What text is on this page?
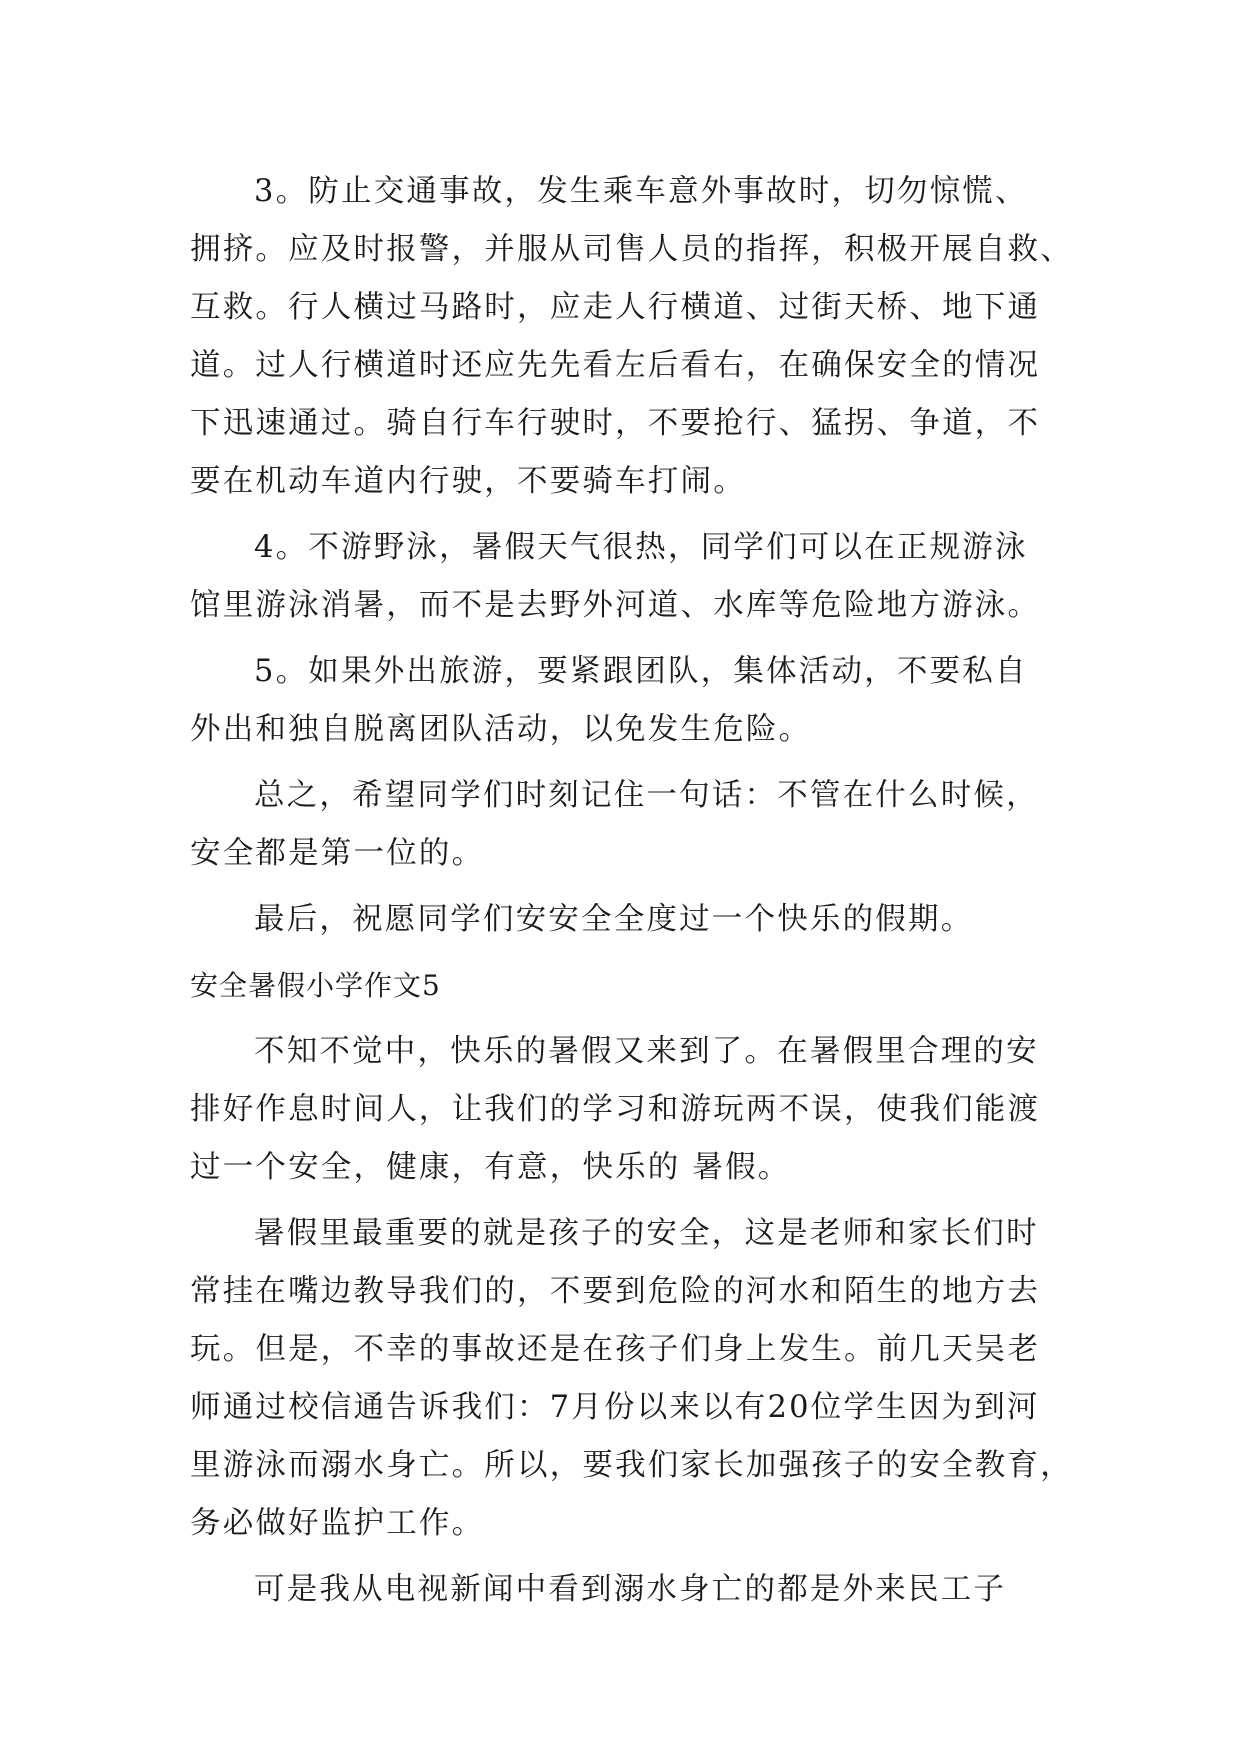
3。防止交通事故，发生乘车意外事故时，切勿惊慌、
拥挤。应及时报警，并服从司售人员的指挥，积极开展自救、
互救。行人横过马路时，应走人行横道、过街天桥、地下通
道。过人行横道时还应先先看左后看右，在确保安全的情况
下迅速通过。骑自行车行驶时，不要抢行、猛拐、争道，不
要在机动车道内行驶，不要骑车打闹。
4。不游野泳，暑假天气很热，同学们可以在正规游泳
馆里游泳消暑，而不是去野外河道、水库等危险地方游泳。
5。如果外出旅游，要紧跟团队，集体活动，不要私自
外出和独自脱离团队活动，以免发生危险。
总之，希望同学们时刻记住一句话：不管在什么时候，
安全都是第一位的。
最后，祝愿同学们安安全全度过一个快乐的假期。
安全暑假小学作文5
不知不觉中，快乐的暑假又来到了。在暑假里合理的安
排好作息时间人，让我们的学习和游玩两不误，使我们能渡
过一个安全，健康，有意，快乐的 暑假。
暑假里最重要的就是孩子的安全，这是老师和家长们时
常挂在嘴边教导我们的，不要到危险的河水和陌生的地方去
玩。但是，不幸的事故还是在孩子们身上发生。前几天吴老
师通过校信通告诉我们：7月份以来以有20位学生因为到河
里游泳而溺水身亡。所以，要我们家长加强孩子的安全教育，
务必做好监护工作。
可是我从电视新闻中看到溺水身亡的都是外来民工子
